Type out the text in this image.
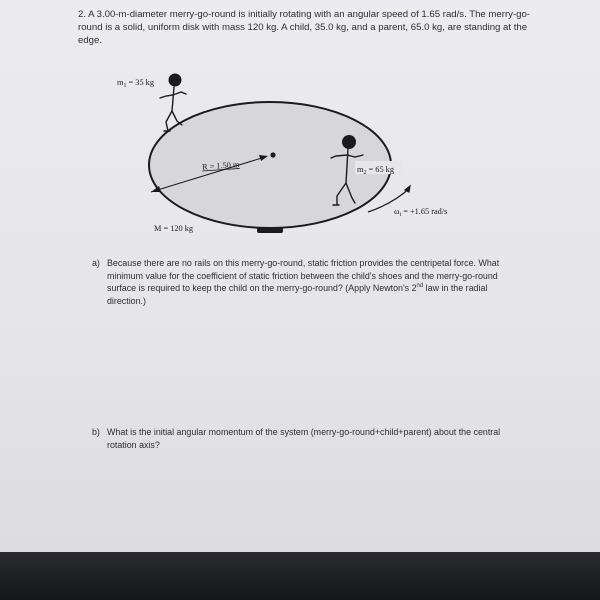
2. A 3.00-m-diameter merry-go-round is initially rotating with an angular speed of 1.65 rad/s. The merry-go-round is a solid, uniform disk with mass 120 kg. A child, 35.0 kg, and a parent, 65.0 kg, are standing at the edge.

R = 1.50 m
$m_1 = 35$ kg
$m_2 = 65$ kg
$\omega_i = +1.65$ rad/s
M = 120 kg
a) Because there are no rails on this merry-go-round, static friction provides the centripetal force. What minimum value for the coefficient of static friction between the child's shoes and the merry-go-round surface is required to keep the child on the merry-go-round? (Apply Newton's 2nd law in the radial direction.)
b) What is the initial angular momentum of the system (merry-go-round+child+parent) about the central rotation axis?
